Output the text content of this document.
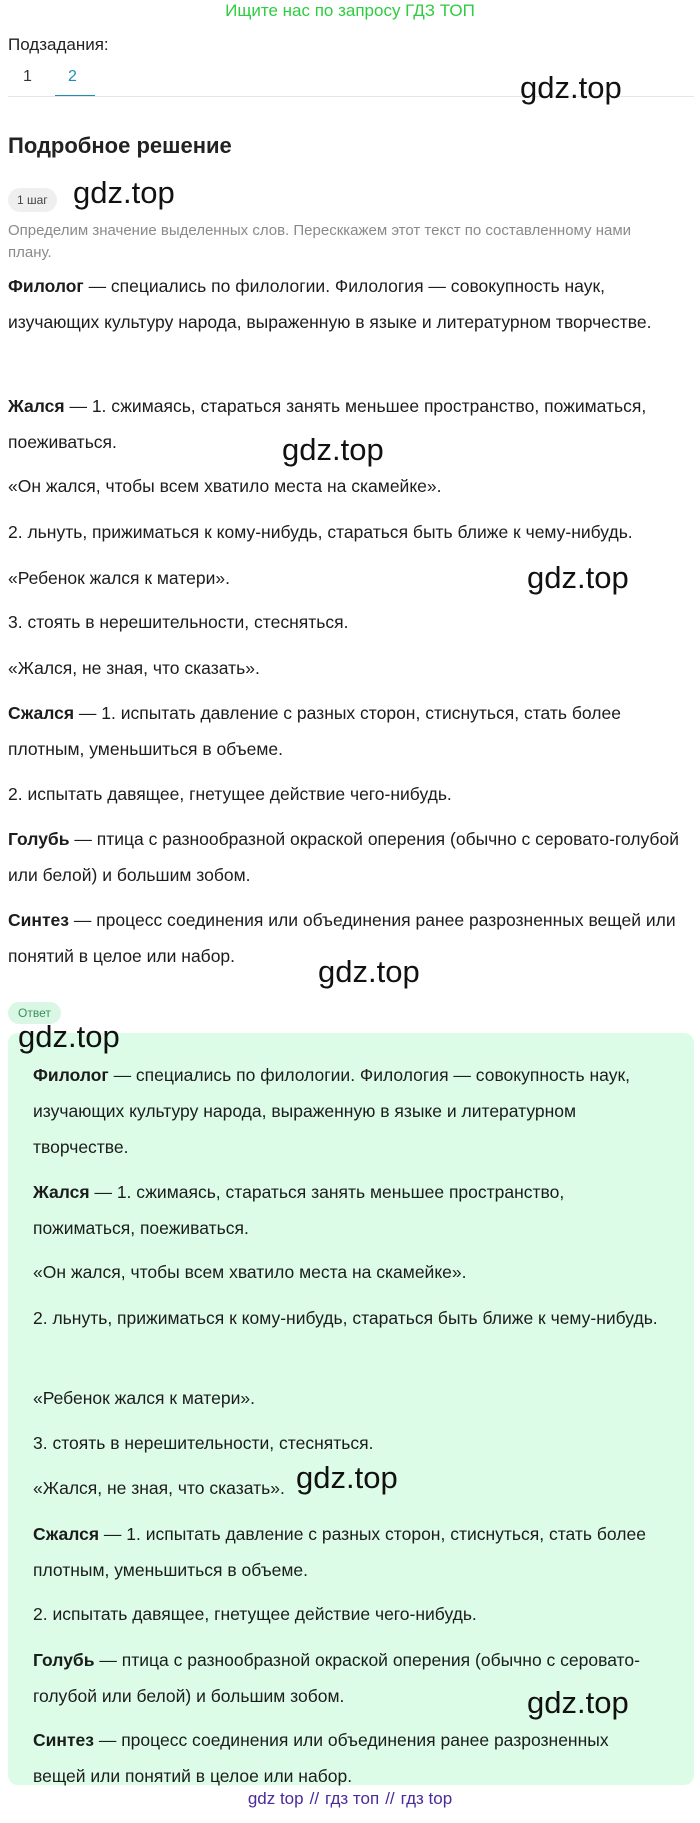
Ищите нас по запросу ГДЗ ТОП
Подзадания:
1	2	gdz.top
Подробное решение
1 шаг gdz.top
Определим значение выделенных слов. Пересккажем этот текст по составленному нами плану.
Филолог — специались по филологии. Филология — совокупность наук, изучающих культуру народа, выраженную в языке и литературном творчестве.
Жался — 1. сжимаясь, стараться занять меньшее пространство, пожиматься, поеживаться.	gdz.top
«Он жался, чтобы всем хватило места на скамейке».
2. льнуть, прижиматься к кому-нибудь, стараться быть ближе к чему-нибудь.
«Ребенок жался к матери».	gdz.top
3. стоять в нерешительности, стесняться.
«Жался, не зная, что сказать».
Сжался — 1. испытать давление с разных сторон, стиснуться, стать более плотным, уменьшиться в объеме.
2. испытать давящее, гнетущее действие чего-нибудь.
Голубь — птица с разнообразной окраской оперения (обычно с серовато-голубой или белой) и большим зобом.
Синтез — процесс соединения или объединения ранее разрозненных вещей или понятий в целое или набор.	gdz.top
Ответ
gdz.top
Филолог — специались по филологии. Филология — совокупность наук, изучающих культуру народа, выраженную в языке и литературном творчестве.
Жался — 1. сжимаясь, стараться занять меньшее пространство, пожиматься, поеживаться.
«Он жался, чтобы всем хватило места на скамейке».
2. льнуть, прижиматься к кому-нибудь, стараться быть ближе к чему-нибудь.
«Ребенок жался к матери».
3. стоять в нерешительности, стесняться.
«Жался, не зная, что сказать». gdz.top
Сжался — 1. испытать давление с разных сторон, стиснуться, стать более плотным, уменьшиться в объеме.
2. испытать давящее, гнетущее действие чего-нибудь.
Голубь — птица с разнообразной окраской оперения (обычно с серовато-голубой или белой) и большим зобом.	gdz.top
Синтез — процесс соединения или объединения ранее разрозненных вещей или понятий в целое или набор.
gdz top // гдз топ // гдз top
